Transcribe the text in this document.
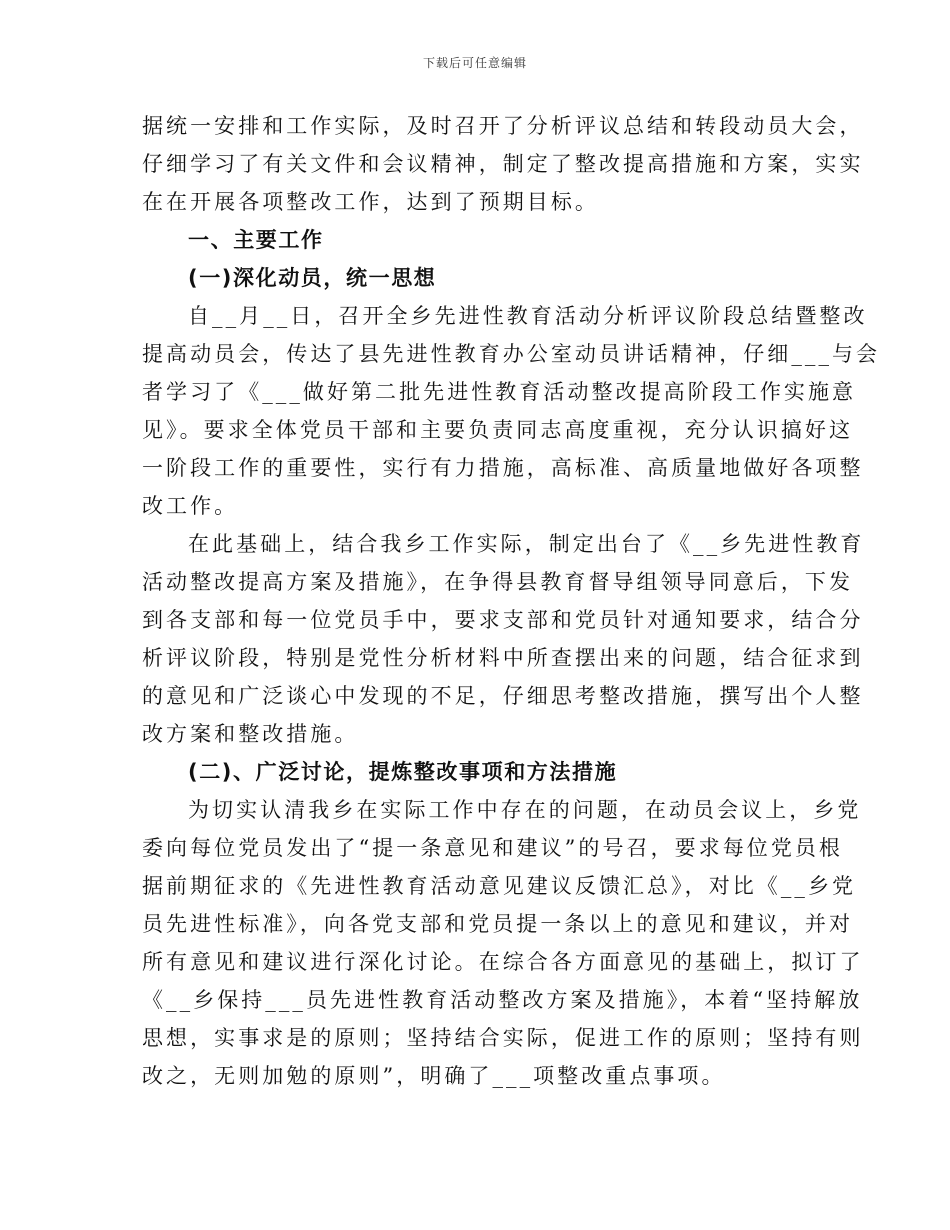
下载后可任意编辑
据统一安排和工作实际，及时召开了分析评议总结和转段动员大会，
仔细学习了有关文件和会议精神，制定了整改提高措施和方案，实实
在在开展各项整改工作，达到了预期目标。
一、主要工作
(一)深化动员，统一思想
自__月__日，召开全乡先进性教育活动分析评议阶段总结暨整改
提高动员会，传达了县先进性教育办公室动员讲话精神，仔细___与会
者学习了《___做好第二批先进性教育活动整改提高阶段工作实施意
见》。要求全体党员干部和主要负责同志高度重视，充分认识搞好这
一阶段工作的重要性，实行有力措施，高标准、高质量地做好各项整
改工作。
在此基础上，结合我乡工作实际，制定出台了《__乡先进性教育
活动整改提高方案及措施》，在争得县教育督导组领导同意后，下发
到各支部和每一位党员手中，要求支部和党员针对通知要求，结合分
析评议阶段，特别是党性分析材料中所查摆出来的问题，结合征求到
的意见和广泛谈心中发现的不足，仔细思考整改措施，撰写出个人整
改方案和整改措施。
(二)、广泛讨论，提炼整改事项和方法措施
为切实认清我乡在实际工作中存在的问题，在动员会议上，乡党
委向每位党员发出了“提一条意见和建议”的号召，要求每位党员根
据前期征求的《先进性教育活动意见建议反馈汇总》，对比《__乡党
员先进性标准》，向各党支部和党员提一条以上的意见和建议，并对
所有意见和建议进行深化讨论。在综合各方面意见的基础上，拟订了
《__乡保持___员先进性教育活动整改方案及措施》，本着“坚持解放
思想，实事求是的原则；坚持结合实际，促进工作的原则；坚持有则
改之，无则加勉的原则”，明确了___项整改重点事项。
